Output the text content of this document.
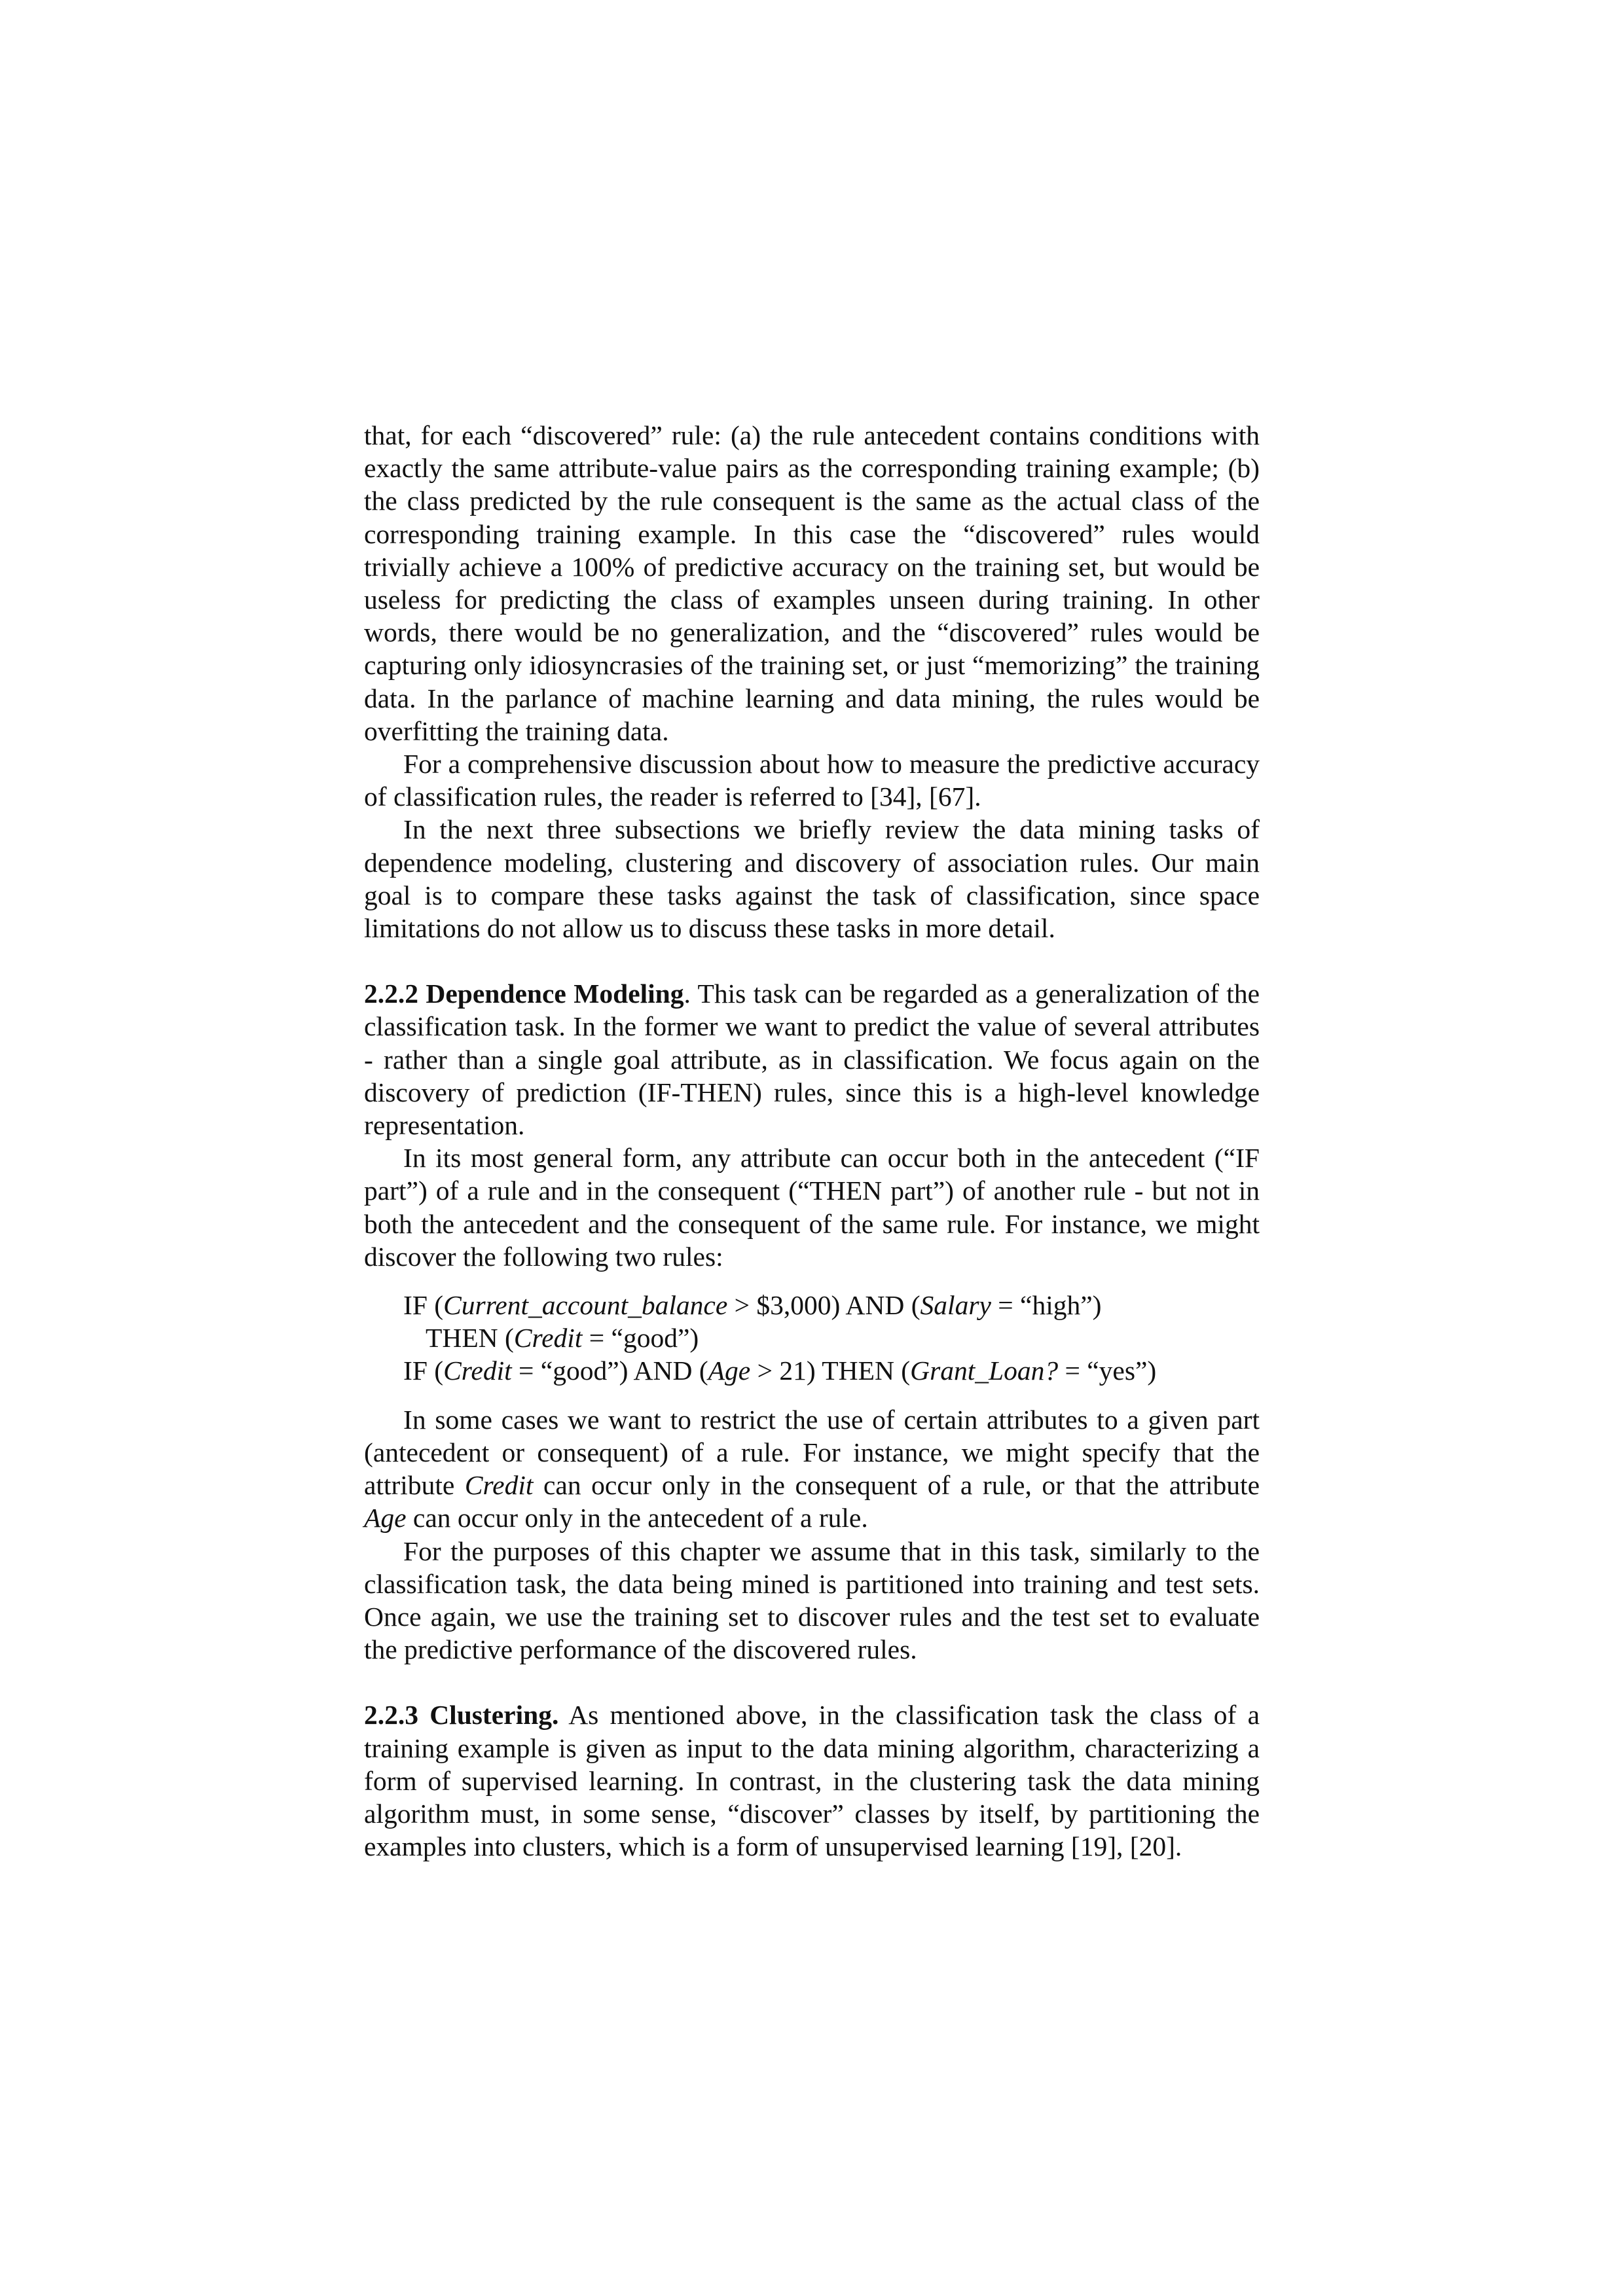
that, for each “discovered” rule: (a) the rule antecedent contains conditions with exactly the same attribute-value pairs as the corresponding training example; (b) the class predicted by the rule consequent is the same as the actual class of the corresponding training example. In this case the “discovered” rules would trivially achieve a 100% of predictive accuracy on the training set, but would be useless for predicting the class of examples unseen during training. In other words, there would be no generalization, and the “discovered” rules would be capturing only idiosyncrasies of the training set, or just “memorizing” the training data. In the parlance of machine learning and data mining, the rules would be overfitting the training data.

For a comprehensive discussion about how to measure the predictive accuracy of classification rules, the reader is referred to [34], [67].

In the next three subsections we briefly review the data mining tasks of dependence modeling, clustering and discovery of association rules. Our main goal is to compare these tasks against the task of classification, since space limitations do not allow us to discuss these tasks in more detail.

2.2.2 Dependence Modeling. This task can be regarded as a generalization of the classification task. In the former we want to predict the value of several attributes - rather than a single goal attribute, as in classification. We focus again on the discovery of prediction (IF-THEN) rules, since this is a high-level knowledge representation.

In its most general form, any attribute can occur both in the antecedent (“IF part”) of a rule and in the consequent (“THEN part”) of another rule - but not in both the antecedent and the consequent of the same rule. For instance, we might discover the following two rules:

IF (Current_account_balance > $3,000) AND (Salary = “high”)
THEN (Credit = “good”)
IF (Credit = “good”) AND (Age > 21) THEN (Grant_Loan? = “yes”)

In some cases we want to restrict the use of certain attributes to a given part (antecedent or consequent) of a rule. For instance, we might specify that the attribute Credit can occur only in the consequent of a rule, or that the attribute Age can occur only in the antecedent of a rule.

For the purposes of this chapter we assume that in this task, similarly to the classification task, the data being mined is partitioned into training and test sets. Once again, we use the training set to discover rules and the test set to evaluate the predictive performance of the discovered rules.

2.2.3 Clustering. As mentioned above, in the classification task the class of a training example is given as input to the data mining algorithm, characterizing a form of supervised learning. In contrast, in the clustering task the data mining algorithm must, in some sense, “discover” classes by itself, by partitioning the examples into clusters, which is a form of unsupervised learning [19], [20].
